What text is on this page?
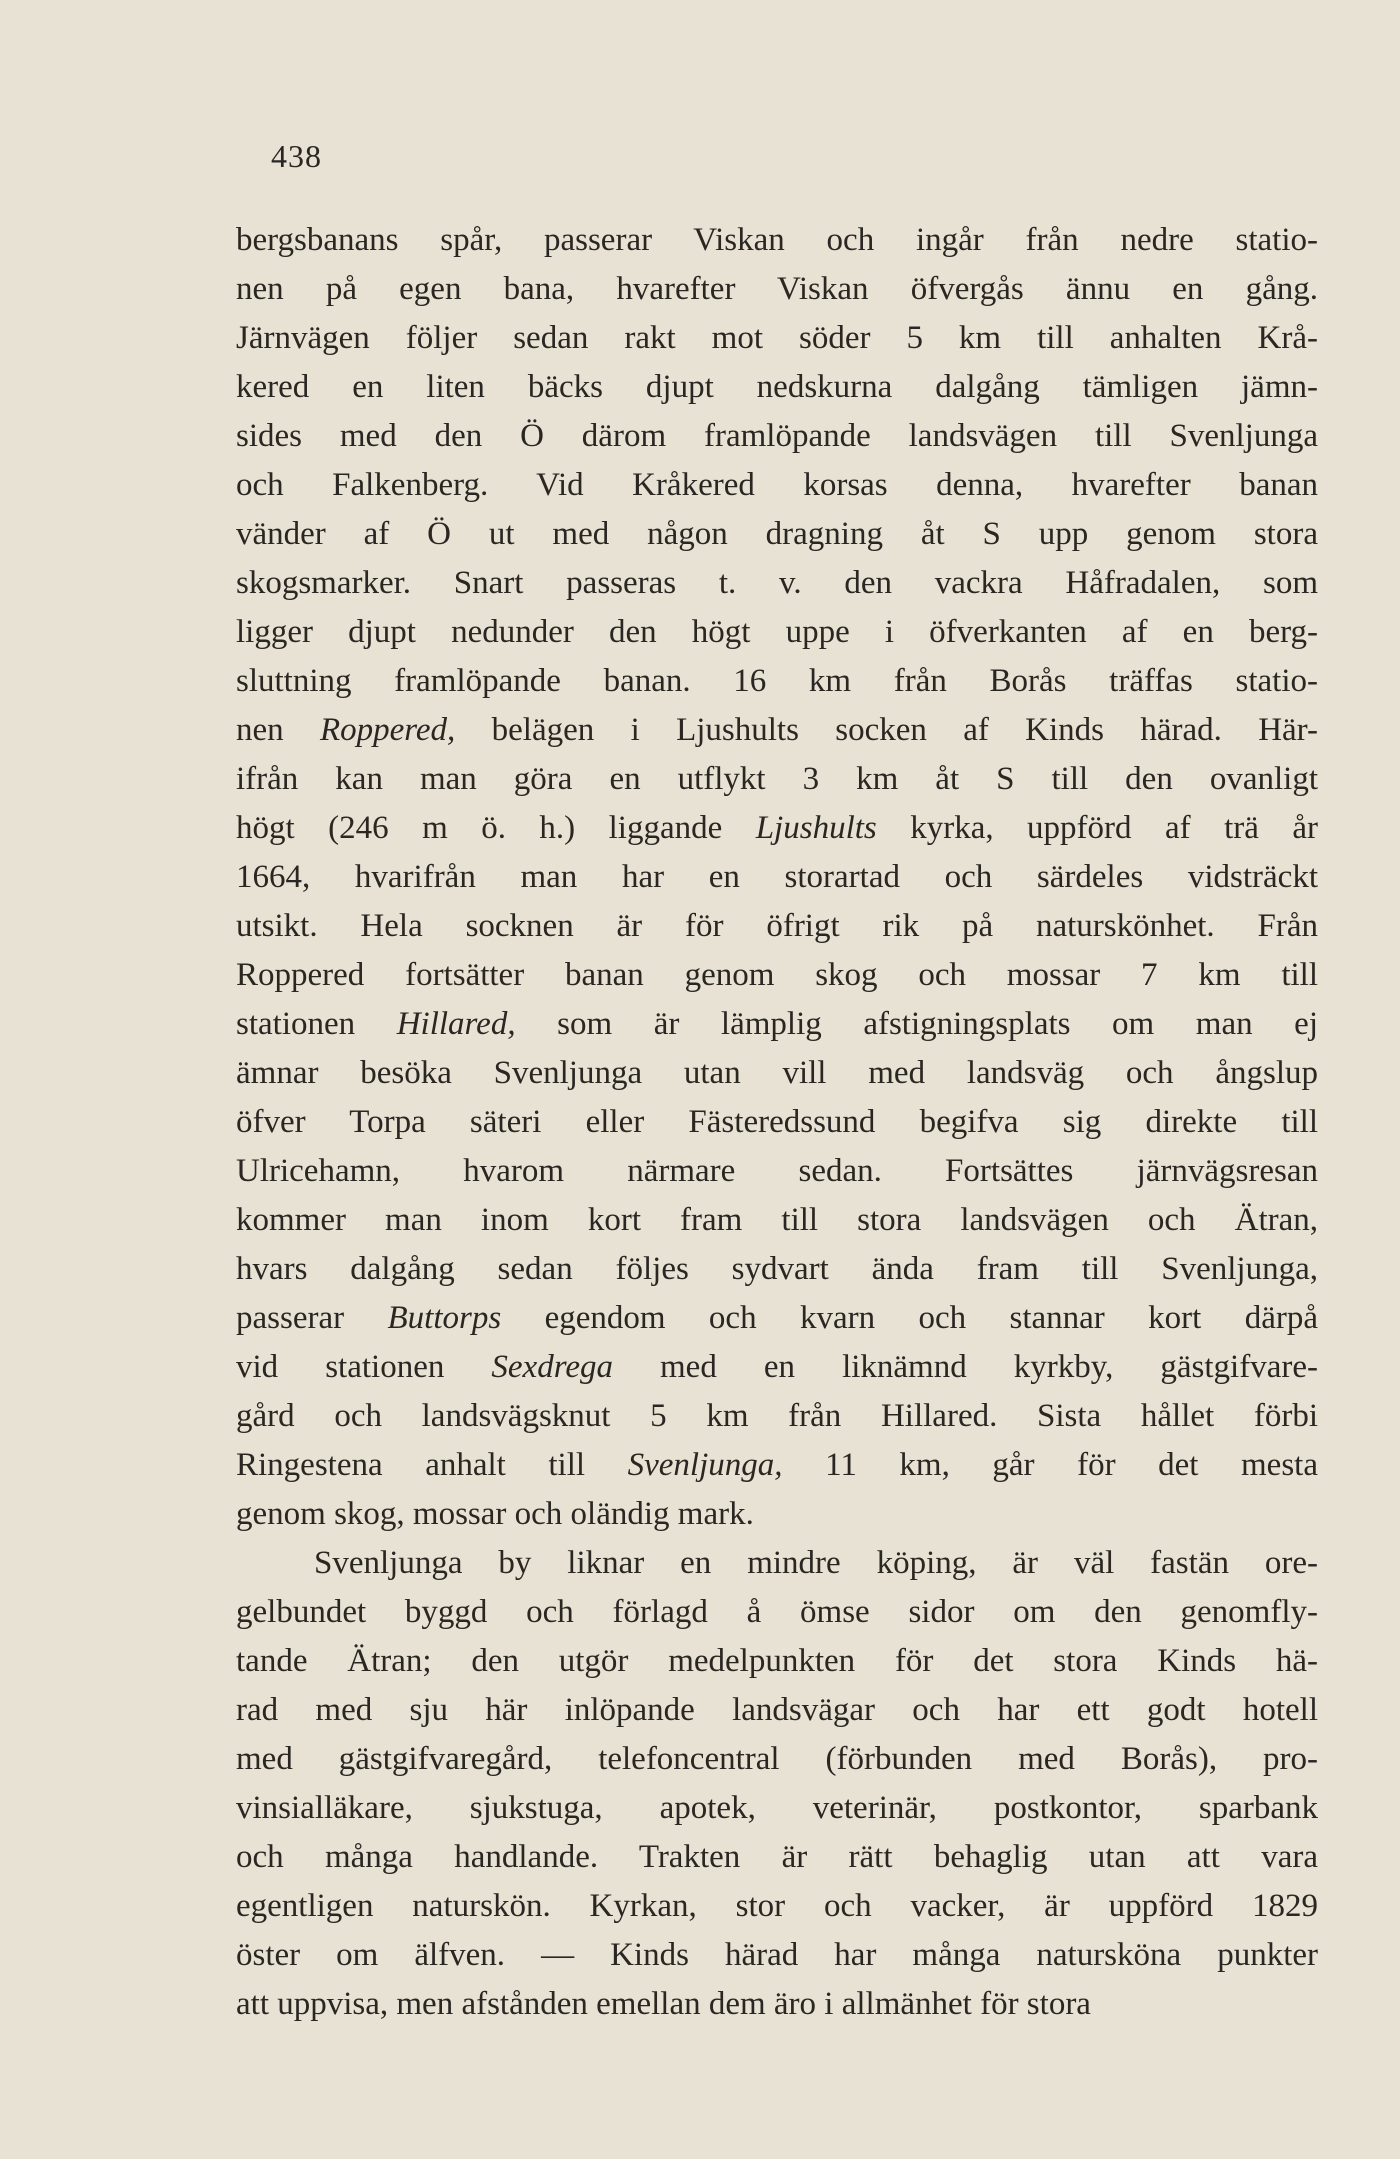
438
bergsbanans spår, passerar Viskan och ingår från nedre statio-
nen på egen bana, hvarefter Viskan öfvergås ännu en gång.
Järnvägen följer sedan rakt mot söder 5 km till anhalten Krå-
kered en liten bäcks djupt nedskurna dalgång tämligen jämn-
sides med den Ö därom framlöpande landsvägen till Svenljunga
och Falkenberg. Vid Kråkered korsas denna, hvarefter banan
vänder af Ö ut med någon dragning åt S upp genom stora
skogsmarker. Snart passeras t. v. den vackra Håfradalen, som
ligger djupt nedunder den högt uppe i öfverkanten af en berg-
sluttning framlöpande banan. 16 km från Borås träffas statio-
nen Roppered, belägen i Ljushults socken af Kinds härad. Här-
ifrån kan man göra en utflykt 3 km åt S till den ovanligt
högt (246 m ö. h.) liggande Ljushults kyrka, uppförd af trä år
1664, hvarifrån man har en storartad och särdeles vidsträckt
utsikt. Hela socknen är för öfrigt rik på naturskönhet. Från
Roppered fortsätter banan genom skog och mossar 7 km till
stationen Hillared, som är lämplig afstigningsplats om man ej
ämnar besöka Svenljunga utan vill med landsväg och ångslup
öfver Torpa säteri eller Fästeredssund begifva sig direkte till
Ulricehamn, hvarom närmare sedan. Fortsättes järnvägsresan
kommer man inom kort fram till stora landsvägen och Ätran,
hvars dalgång sedan följes sydvart ända fram till Svenljunga,
passerar Buttorps egendom och kvarn och stannar kort därpå
vid stationen Sexdrega med en liknämnd kyrkby, gästgifvare-
gård och landsvägsknut 5 km från Hillared. Sista hållet förbi
Ringestena anhalt till Svenljunga, 11 km, går för det mesta
genom skog, mossar och oländig mark.
Svenljunga by liknar en mindre köping, är väl fastän ore-
gelbundet byggd och förlagd å ömse sidor om den genomfly-
tande Ätran; den utgör medelpunkten för det stora Kinds hä-
rad med sju här inlöpande landsvägar och har ett godt hotell
med gästgifvaregård, telefoncentral (förbunden med Borås), pro-
vinsialläkare, sjukstuga, apotek, veterinär, postkontor, sparbank
och många handlande. Trakten är rätt behaglig utan att vara
egentligen naturskön. Kyrkan, stor och vacker, är uppförd 1829
öster om älfven. — Kinds härad har många natursköna punkter
att uppvisa, men afstånden emellan dem äro i allmänhet för stora
